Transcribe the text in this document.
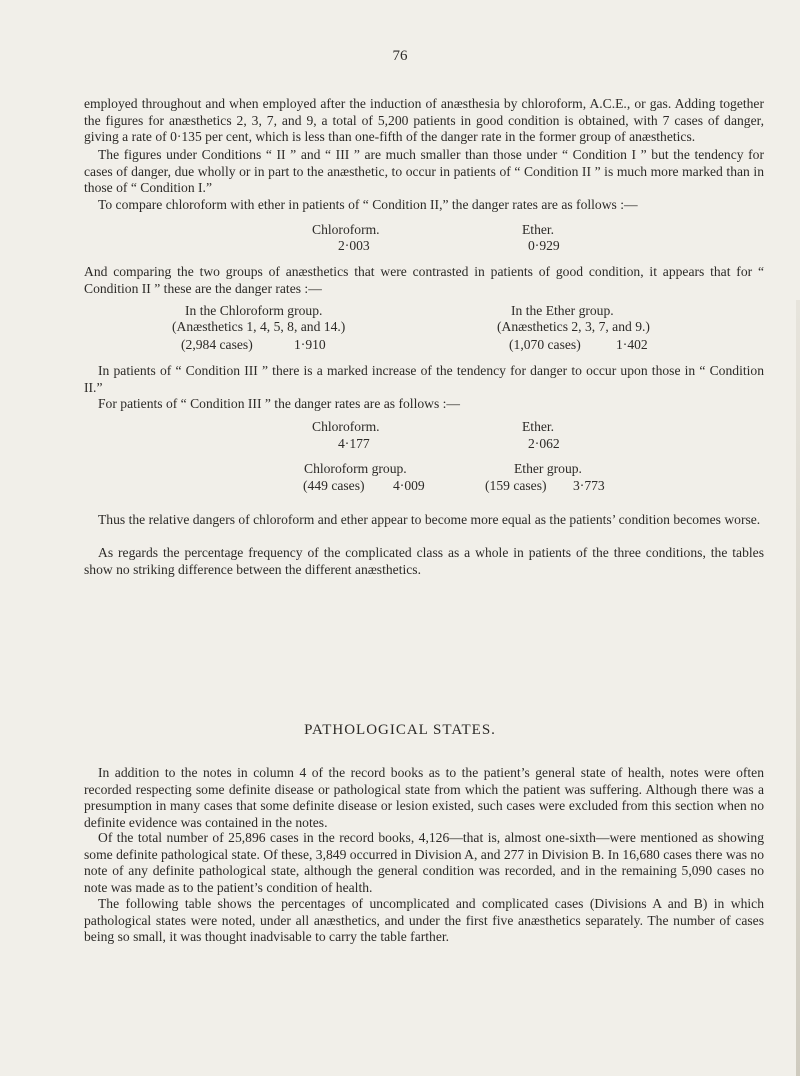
76

employed throughout and when employed after the induction of anæsthesia by chloroform, A.C.E., or gas. Adding together the figures for anæsthetics 2, 3, 7, and 9, a total of 5,200 patients in good condition is obtained, with 7 cases of danger, giving a rate of 0·135 per cent, which is less than one-fifth of the danger rate in the former group of anæsthetics.

The figures under Conditions “ II ” and “ III ” are much smaller than those under “ Condition I ” but the tendency for cases of danger, due wholly or in part to the anæsthetic, to occur in patients of “ Condition II ” is much more marked than in those of “ Condition I.”

To compare chloroform with ether in patients of “ Condition II,” the danger rates are as follows :—

Chloroform.
2·003
Ether.
0·929

And comparing the two groups of anæsthetics that were contrasted in patients of good condition, it appears that for “ Condition II ” these are the danger rates :—

In the Chloroform group.
(Anæsthetics 1, 4, 5, 8, and 14.)
(2,984 cases)	1·910
In the Ether group.
(Anæsthetics 2, 3, 7, and 9.)
(1,070 cases)	1·402

In patients of “ Condition III ” there is a marked increase of the tendency for danger to occur upon those in “ Condition II.”

For patients of “ Condition III ” the danger rates are as follows :—

Chloroform.
4·177
Ether.
2·062
Chloroform group.
(449 cases) 4·009
Ether group.
(159 cases) 3·773

Thus the relative dangers of chloroform and ether appear to become more equal as the patients’ condition becomes worse.

As regards the percentage frequency of the complicated class as a whole in patients of the three conditions, the tables show no striking difference between the different anæsthetics.

PATHOLOGICAL STATES.

In addition to the notes in column 4 of the record books as to the patient’s general state of health, notes were often recorded respecting some definite disease or pathological state from which the patient was suffering. Although there was a presumption in many cases that some definite disease or lesion existed, such cases were excluded from this section when no definite evidence was contained in the notes.

Of the total number of 25,896 cases in the record books, 4,126—that is, almost one-sixth—were mentioned as showing some definite pathological state. Of these, 3,849 occurred in Division A, and 277 in Division B. In 16,680 cases there was no note of any definite pathological state, although the general condition was recorded, and in the remaining 5,090 cases no note was made as to the patient’s condition of health.

The following table shows the percentages of uncomplicated and complicated cases (Divisions A and B) in which pathological states were noted, under all anæsthetics, and under the first five anæsthetics separately. The number of cases being so small, it was thought inadvisable to carry the table farther.
